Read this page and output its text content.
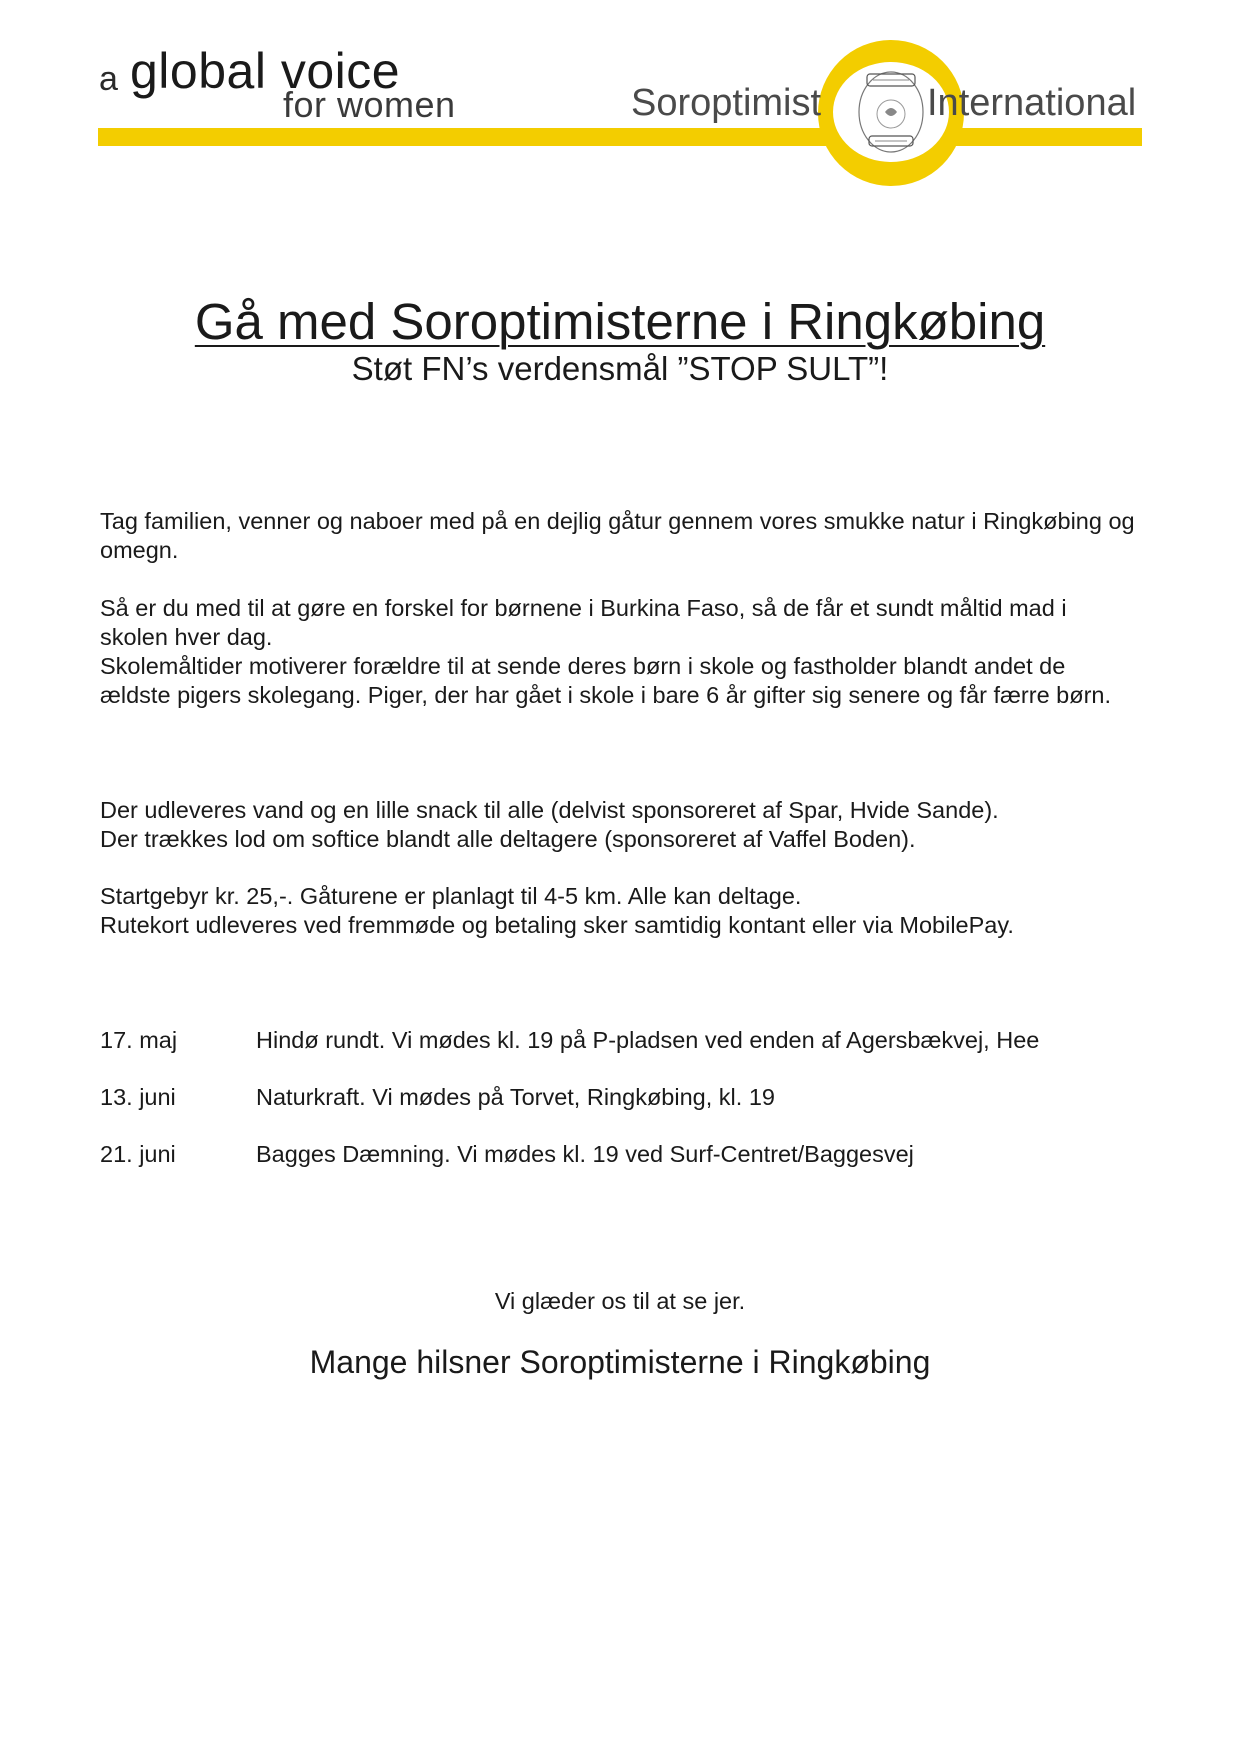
a global voice
for women	Soroptimist	International
Gå med Soroptimisterne i Ringkøbing
Støt FN’s verdensmål ”STOP SULT”!

Tag familien, venner og naboer med på en dejlig gåtur gennem vores smukke natur i Ringkøbing og omegn.

Så er du med til at gøre en forskel for børnene i Burkina Faso, så de får et sundt måltid mad i skolen hver dag.
Skolemåltider motiverer forældre til at sende deres børn i skole og fastholder blandt andet de ældste pigers skolegang. Piger, der har gået i skole i bare 6 år gifter sig senere og får færre børn.
Der udleveres vand og en lille snack til alle (delvist sponsoreret af Spar, Hvide Sande).
Der trækkes lod om softice blandt alle deltagere (sponsoreret af Vaffel Boden).
Startgebyr kr. 25,-. Gåturene er planlagt til 4-5 km. Alle kan deltage.
Rutekort udleveres ved fremmøde og betaling sker samtidig kontant eller via MobilePay.
17. maj	Hindø rundt. Vi mødes kl. 19 på P-pladsen ved enden af Agersbækvej, Hee
13. juni	Naturkraft. Vi mødes på Torvet, Ringkøbing, kl. 19
21. juni	Bagges Dæmning. Vi mødes kl. 19 ved Surf-Centret/Baggesvej
Vi glæder os til at se jer.
Mange hilsner Soroptimisterne i Ringkøbing
